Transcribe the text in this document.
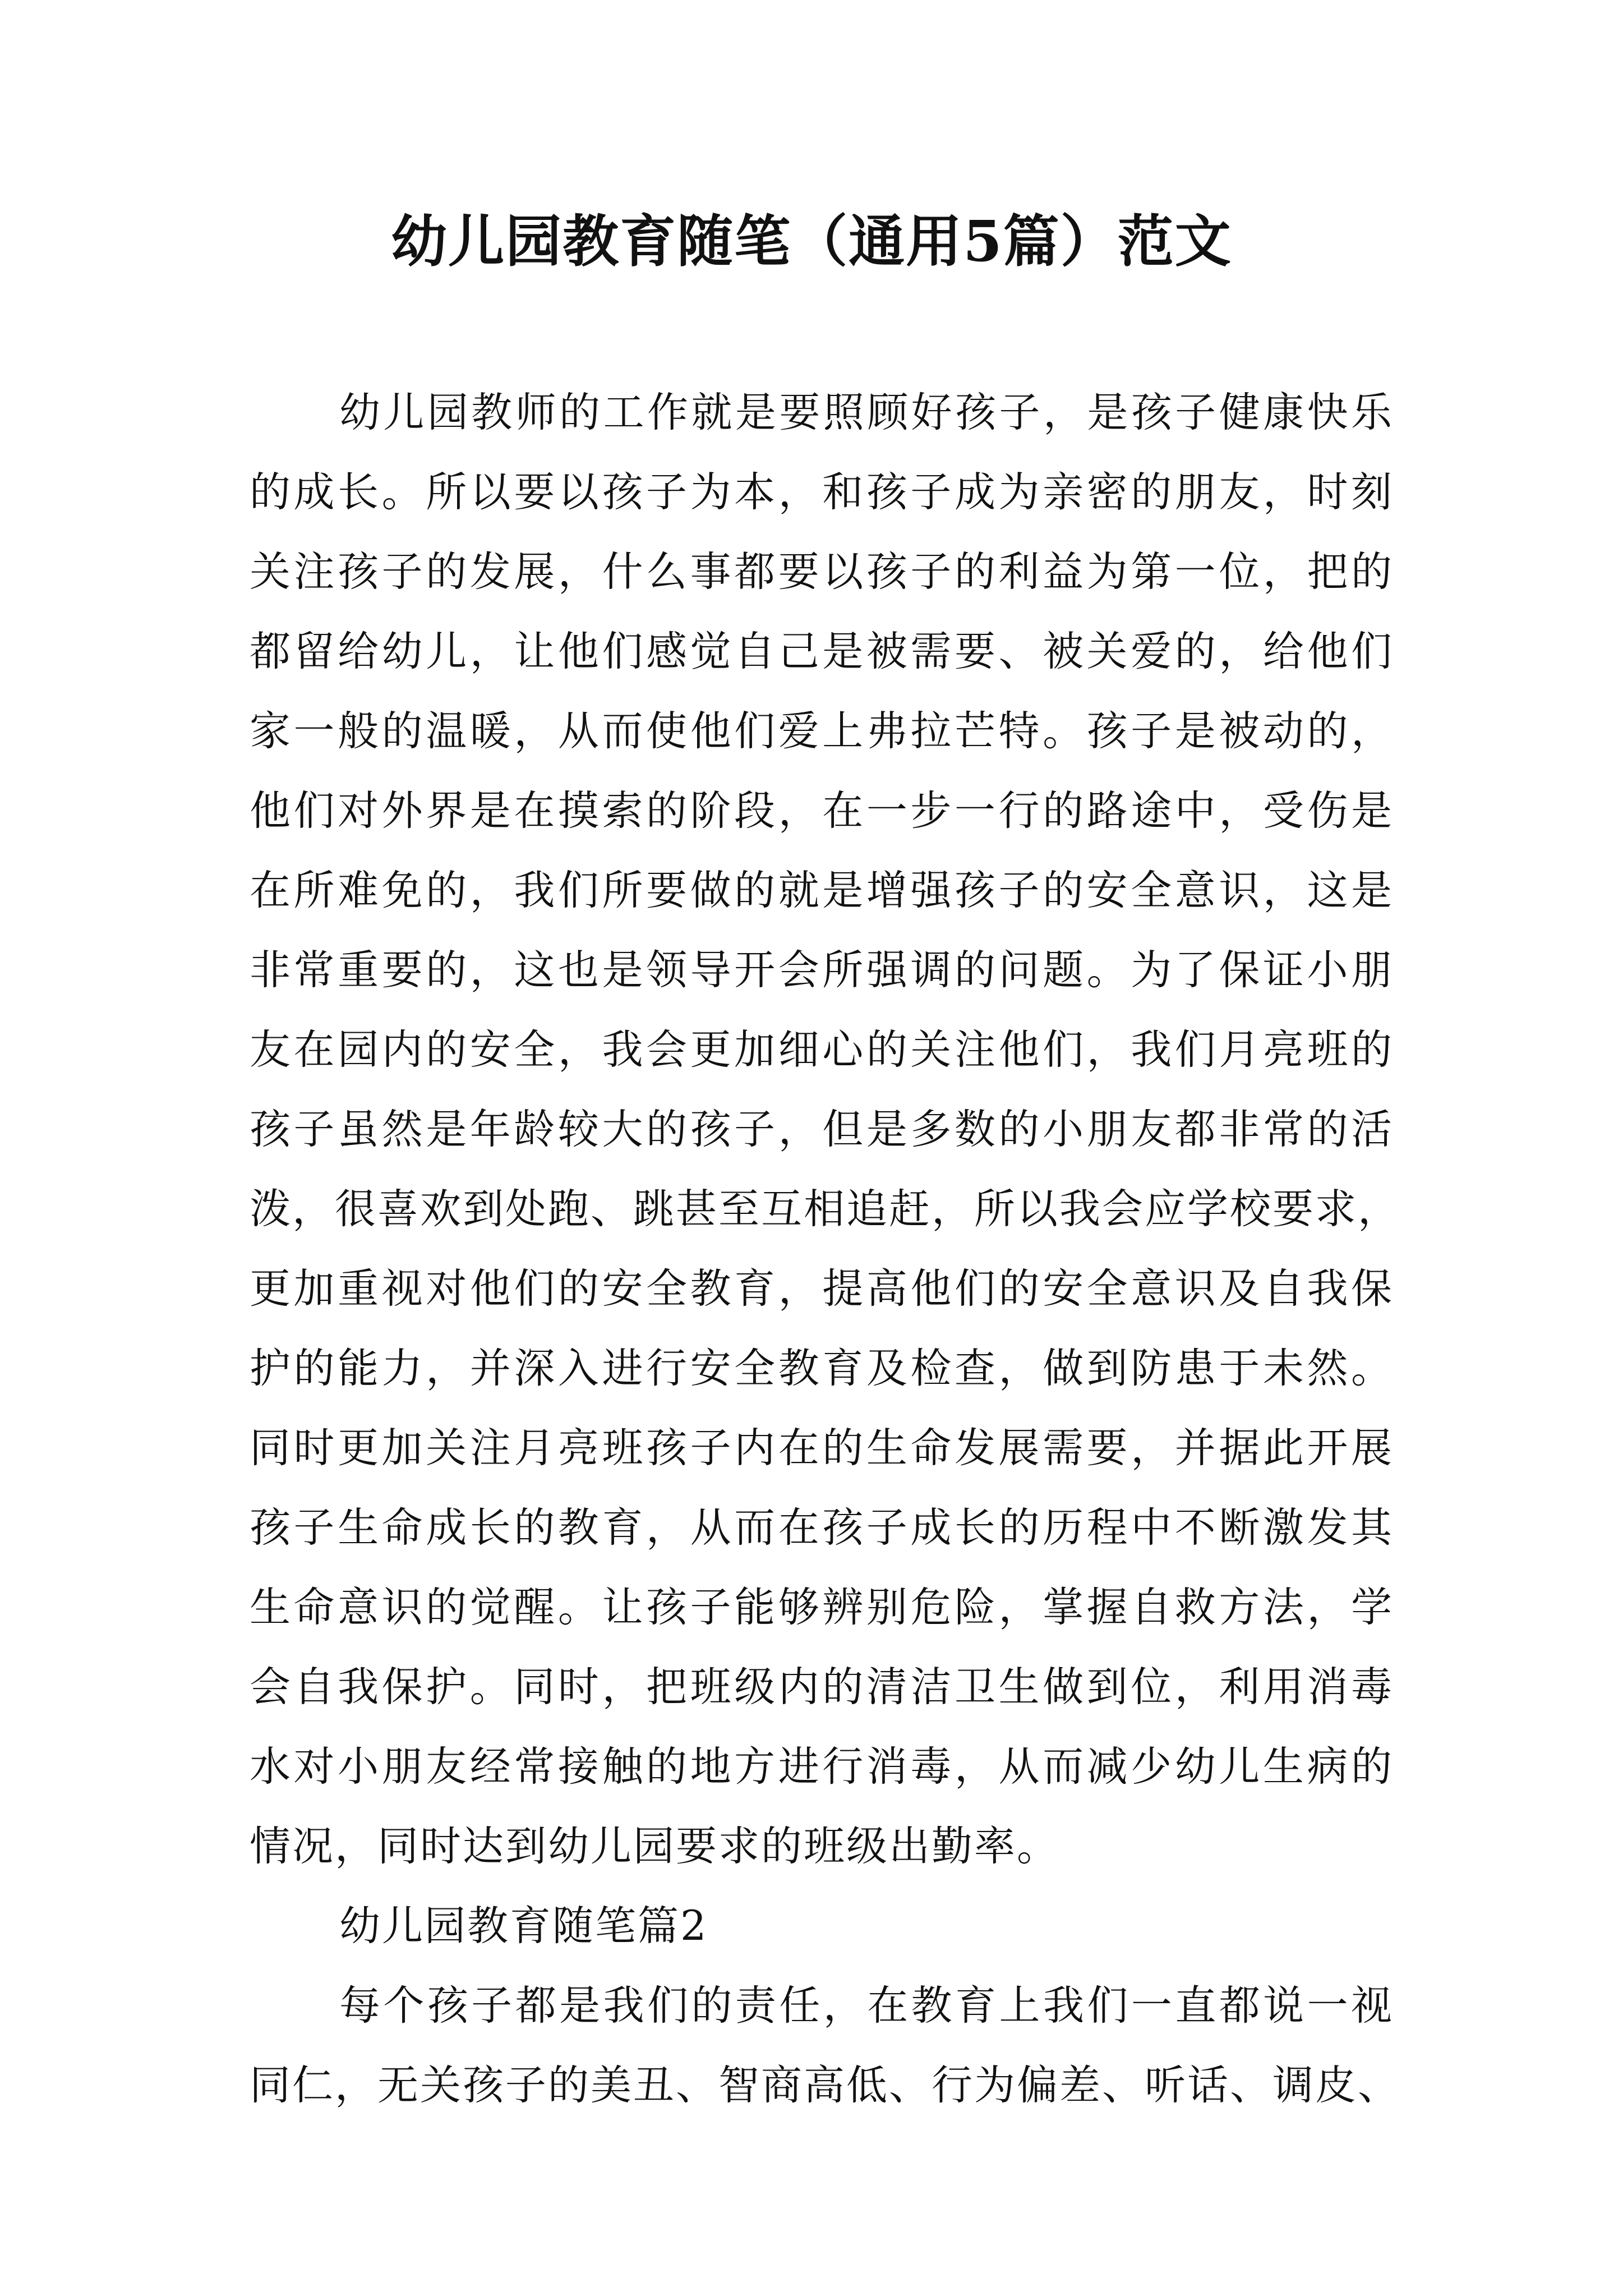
幼儿园教育随笔（通用5篇）范文
幼儿园教师的工作就是要照顾好孩子，是孩子健康快乐
的成长。所以要以孩子为本，和孩子成为亲密的朋友，时刻
关注孩子的发展，什么事都要以孩子的利益为第一位，把的
都留给幼儿，让他们感觉自己是被需要、被关爱的，给他们
家一般的温暖，从而使他们爱上弗拉芒特。孩子是被动的，
他们对外界是在摸索的阶段，在一步一行的路途中，受伤是
在所难免的，我们所要做的就是增强孩子的安全意识，这是
非常重要的，这也是领导开会所强调的问题。为了保证小朋
友在园内的安全，我会更加细心的关注他们，我们月亮班的
孩子虽然是年龄较大的孩子，但是多数的小朋友都非常的活
泼，很喜欢到处跑、跳甚至互相追赶，所以我会应学校要求，
更加重视对他们的安全教育，提高他们的安全意识及自我保
护的能力，并深入进行安全教育及检查，做到防患于未然。
同时更加关注月亮班孩子内在的生命发展需要，并据此开展
孩子生命成长的教育，从而在孩子成长的历程中不断激发其
生命意识的觉醒。让孩子能够辨别危险，掌握自救方法，学
会自我保护。同时，把班级内的清洁卫生做到位，利用消毒
水对小朋友经常接触的地方进行消毒，从而减少幼儿生病的
情况，同时达到幼儿园要求的班级出勤率。
幼儿园教育随笔篇2
每个孩子都是我们的责任，在教育上我们一直都说一视
同仁，无关孩子的美丑、智商高低、行为偏差、听话、调皮、
